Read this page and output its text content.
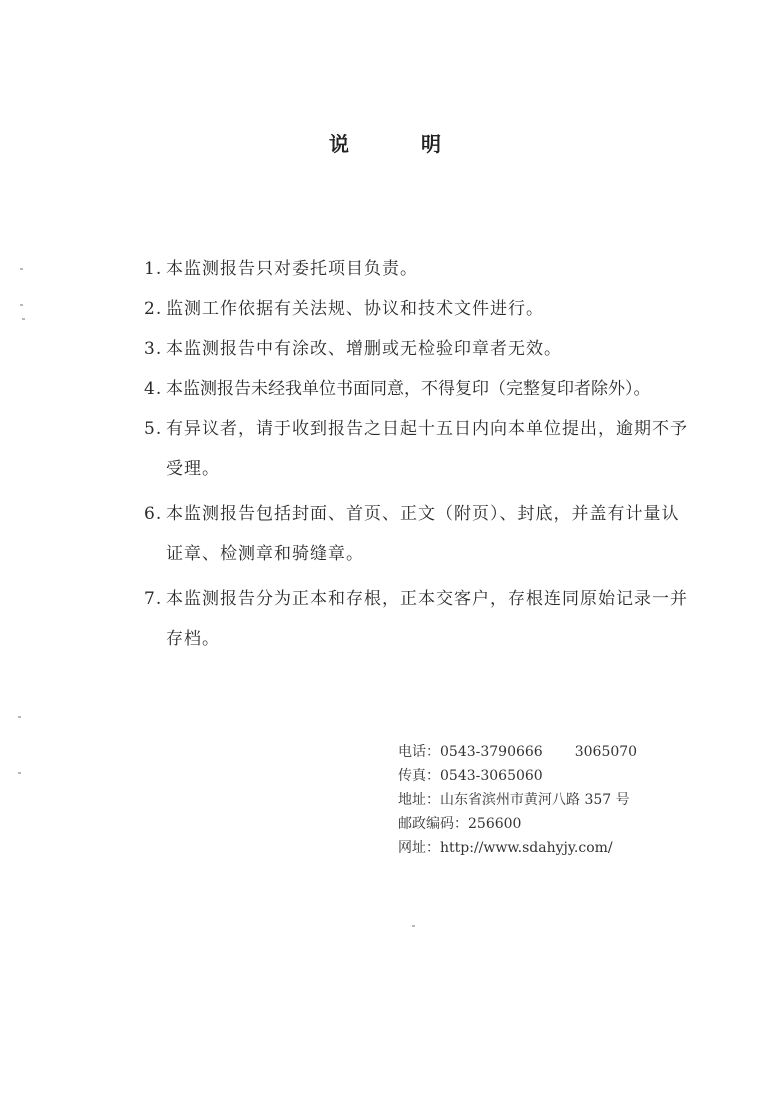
说	明
1. 本监测报告只对委托项目负责。
2. 监测工作依据有关法规、协议和技术文件进行。
3. 本监测报告中有涂改、增删或无检验印章者无效。
4. 本监测报告未经我单位书面同意，不得复印（完整复印者除外）。
5. 有异议者，请于收到报告之日起十五日内向本单位提出，逾期不予受理。
6. 本监测报告包括封面、首页、正文（附页）、封底，并盖有计量认证章、检测章和骑缝章。
7. 本监测报告分为正本和存根，正本交客户，存根连同原始记录一并存档。
电话： 0543-3790666 3065070
传真： 0543-3065060
地址： 山东省滨州市黄河八路 357 号
邮政编码： 256600
网址： http://www.sdahyjy.com/
